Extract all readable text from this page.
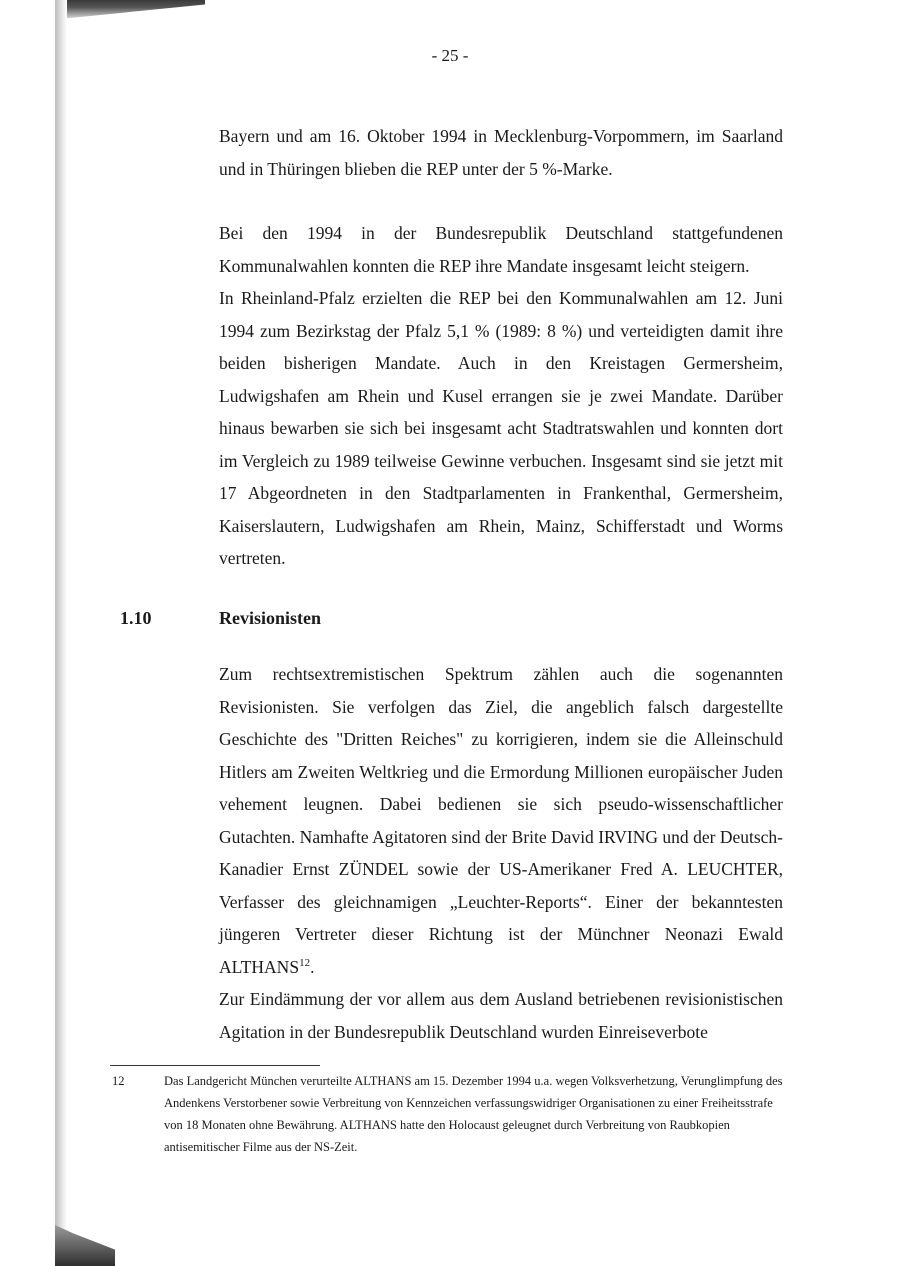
- 25 -

Bayern und am 16. Oktober 1994 in Mecklenburg-Vorpommern, im Saarland und in Thüringen blieben die REP unter der 5 %-Marke.

Bei den 1994 in der Bundesrepublik Deutschland stattgefundenen Kommunalwahlen konnten die REP ihre Mandate insgesamt leicht steigern.

In Rheinland-Pfalz erzielten die REP bei den Kommunalwahlen am 12. Juni 1994 zum Bezirkstag der Pfalz 5,1 % (1989: 8 %) und verteidigten damit ihre beiden bisherigen Mandate. Auch in den Kreistagen Germersheim, Ludwigshafen am Rhein und Kusel errangen sie je zwei Mandate. Darüber hinaus bewarben sie sich bei insgesamt acht Stadtratswahlen und konnten dort im Vergleich zu 1989 teilweise Gewinne verbuchen. Insgesamt sind sie jetzt mit 17 Abgeordneten in den Stadtparlamenten in Frankenthal, Germersheim, Kaiserslautern, Ludwigshafen am Rhein, Mainz, Schifferstadt und Worms vertreten.

1.10	Revisionisten

Zum rechtsextremistischen Spektrum zählen auch die sogenannten Revisionisten. Sie verfolgen das Ziel, die angeblich falsch dargestellte Geschichte des "Dritten Reiches" zu korrigieren, indem sie die Alleinschuld Hitlers am Zweiten Weltkrieg und die Ermordung Millionen europäischer Juden vehement leugnen. Dabei bedienen sie sich pseudo-wissenschaftlicher Gutachten. Namhafte Agitatoren sind der Brite David IRVING und der Deutsch-Kanadier Ernst ZÜNDEL sowie der US-Amerikaner Fred A. LEUCHTER, Verfasser des gleichnamigen „Leuchter-Reports“. Einer der bekanntesten jüngeren Vertreter dieser Richtung ist der Münchner Neonazi Ewald ALTHANS$^{12}$.

Zur Eindämmung der vor allem aus dem Ausland betriebenen revisionistischen Agitation in der Bundesrepublik Deutschland wurden Einreiseverbote

12	Das Landgericht München verurteilte ALTHANS am 15. Dezember 1994 u.a. wegen Volksverhetzung, Verunglimpfung des Andenkens Verstorbener sowie Verbreitung von Kennzeichen verfassungswidriger Organisationen zu einer Freiheitsstrafe von 18 Monaten ohne Bewährung. ALTHANS hatte den Holocaust geleugnet durch Verbreitung von Raubkopien antisemitischer Filme aus der NS-Zeit.
